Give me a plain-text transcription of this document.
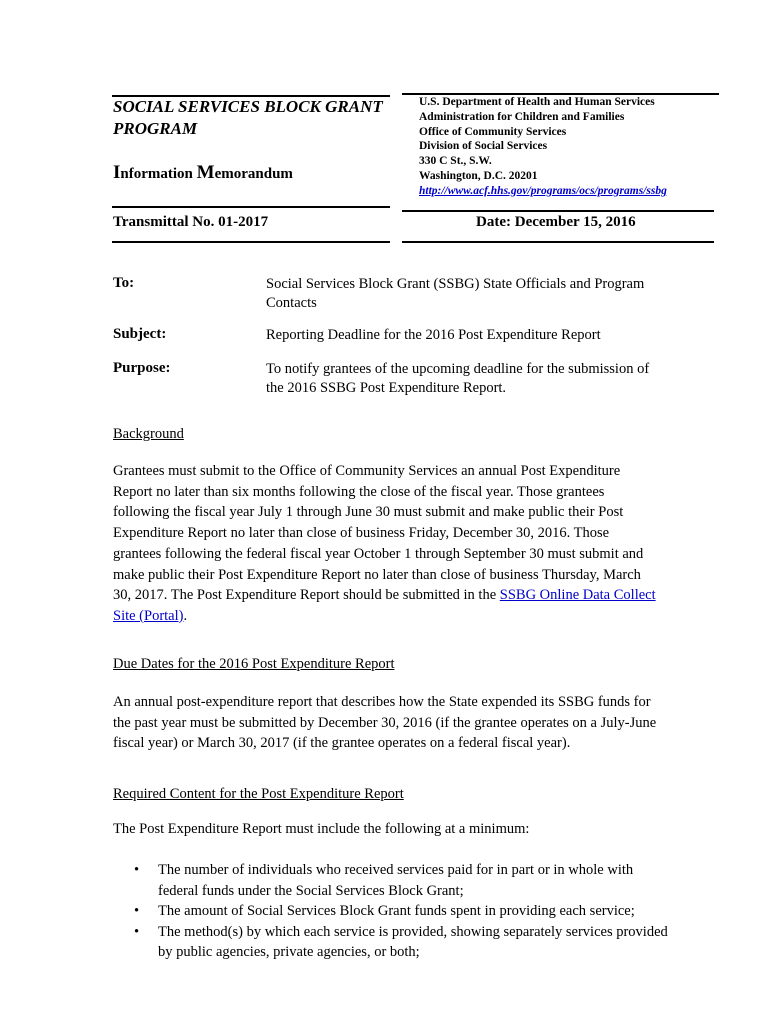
SOCIAL SERVICES BLOCK GRANT PROGRAM
Information Memorandum
U.S. Department of Health and Human Services
Administration for Children and Families
Office of Community Services
Division of Social Services
330 C St., S.W.
Washington, D.C. 20201
http://www.acf.hhs.gov/programs/ocs/programs/ssbg
Transmittal No. 01-2017	Date: December 15, 2016
To:	Social Services Block Grant (SSBG) State Officials and Program Contacts
Subject:	Reporting Deadline for the 2016 Post Expenditure Report
Purpose:	To notify grantees of the upcoming deadline for the submission of the 2016 SSBG Post Expenditure Report.
Background
Grantees must submit to the Office of Community Services an annual Post Expenditure Report no later than six months following the close of the fiscal year. Those grantees following the fiscal year July 1 through June 30 must submit and make public their Post Expenditure Report no later than close of business Friday, December 30, 2016. Those grantees following the federal fiscal year October 1 through September 30 must submit and make public their Post Expenditure Report no later than close of business Thursday, March 30, 2017. The Post Expenditure Report should be submitted in the SSBG Online Data Collect Site (Portal).
Due Dates for the 2016 Post Expenditure Report
An annual post-expenditure report that describes how the State expended its SSBG funds for the past year must be submitted by December 30, 2016 (if the grantee operates on a July-June fiscal year) or March 30, 2017 (if the grantee operates on a federal fiscal year).
Required Content for the Post Expenditure Report
The Post Expenditure Report must include the following at a minimum:
• The number of individuals who received services paid for in part or in whole with federal funds under the Social Services Block Grant;
• The amount of Social Services Block Grant funds spent in providing each service;
• The method(s) by which each service is provided, showing separately services provided by public agencies, private agencies, or both;
